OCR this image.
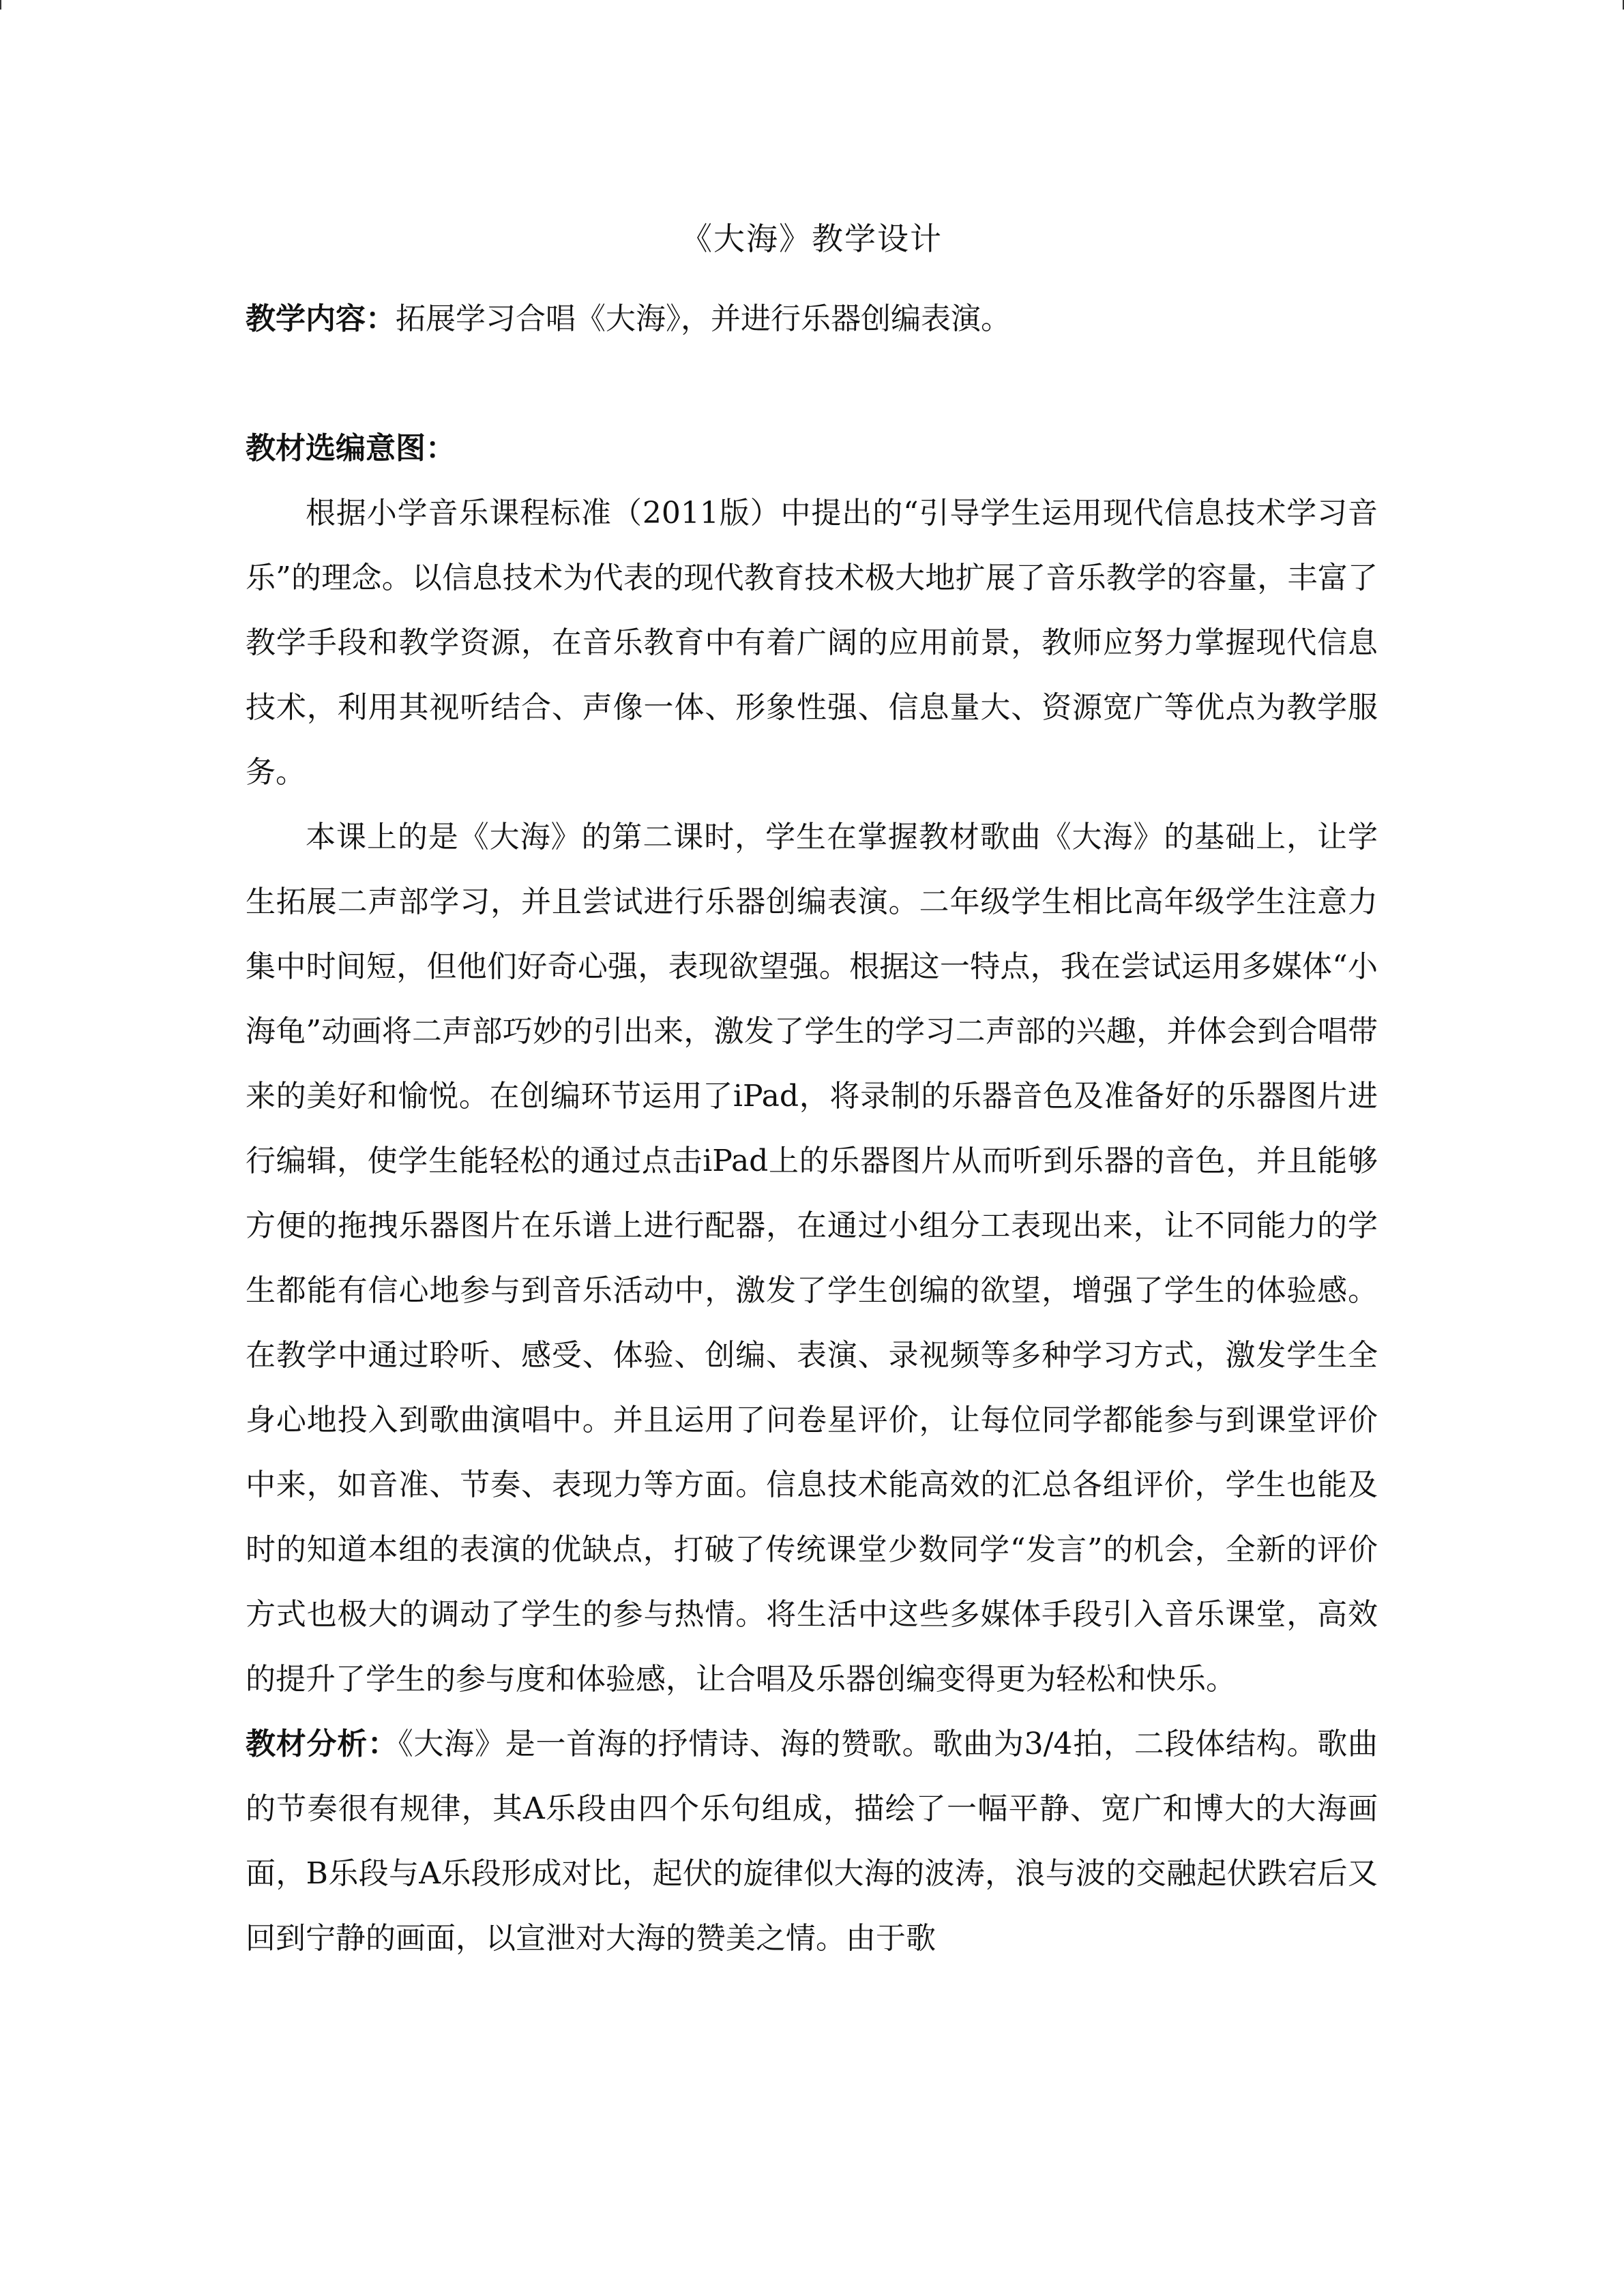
《大海》教学设计

教学内容：拓展学习合唱《大海》，并进行乐器创编表演。

教材选编意图：

根据小学音乐课程标准（2011版）中提出的“引导学生运用现代信息技术学习音乐”的理念。以信息技术为代表的现代教育技术极大地扩展了音乐教学的容量，丰富了教学手段和教学资源，在音乐教育中有着广阔的应用前景，教师应努力掌握现代信息技术，利用其视听结合、声像一体、形象性强、信息量大、资源宽广等优点为教学服务。

本课上的是《大海》的第二课时，学生在掌握教材歌曲《大海》的基础上，让学生拓展二声部学习，并且尝试进行乐器创编表演。二年级学生相比高年级学生注意力集中时间短，但他们好奇心强，表现欲望强。根据这一特点，我在尝试运用多媒体“小海龟”动画将二声部巧妙的引出来，激发了学生的学习二声部的兴趣，并体会到合唱带来的美好和愉悦。在创编环节运用了iPad，将录制的乐器音色及准备好的乐器图片进行编辑，使学生能轻松的通过点击iPad上的乐器图片从而听到乐器的音色，并且能够方便的拖拽乐器图片在乐谱上进行配器，在通过小组分工表现出来，让不同能力的学生都能有信心地参与到音乐活动中，激发了学生创编的欲望，增强了学生的体验感。在教学中通过聆听、感受、体验、创编、表演、录视频等多种学习方式，激发学生全身心地投入到歌曲演唱中。并且运用了问卷星评价，让每位同学都能参与到课堂评价中来，如音准、节奏、表现力等方面。信息技术能高效的汇总各组评价，学生也能及时的知道本组的表演的优缺点，打破了传统课堂少数同学“发言”的机会，全新的评价方式也极大的调动了学生的参与热情。将生活中这些多媒体手段引入音乐课堂，高效的提升了学生的参与度和体验感，让合唱及乐器创编变得更为轻松和快乐。

教材分析：《大海》是一首海的抒情诗、海的赞歌。歌曲为3/4拍，二段体结构。歌曲的节奏很有规律，其A乐段由四个乐句组成，描绘了一幅平静、宽广和博大的大海画面，B乐段与A乐段形成对比，起伏的旋律似大海的波涛，浪与波的交融起伏跌宕后又回到宁静的画面，以宣泄对大海的赞美之情。由于歌
